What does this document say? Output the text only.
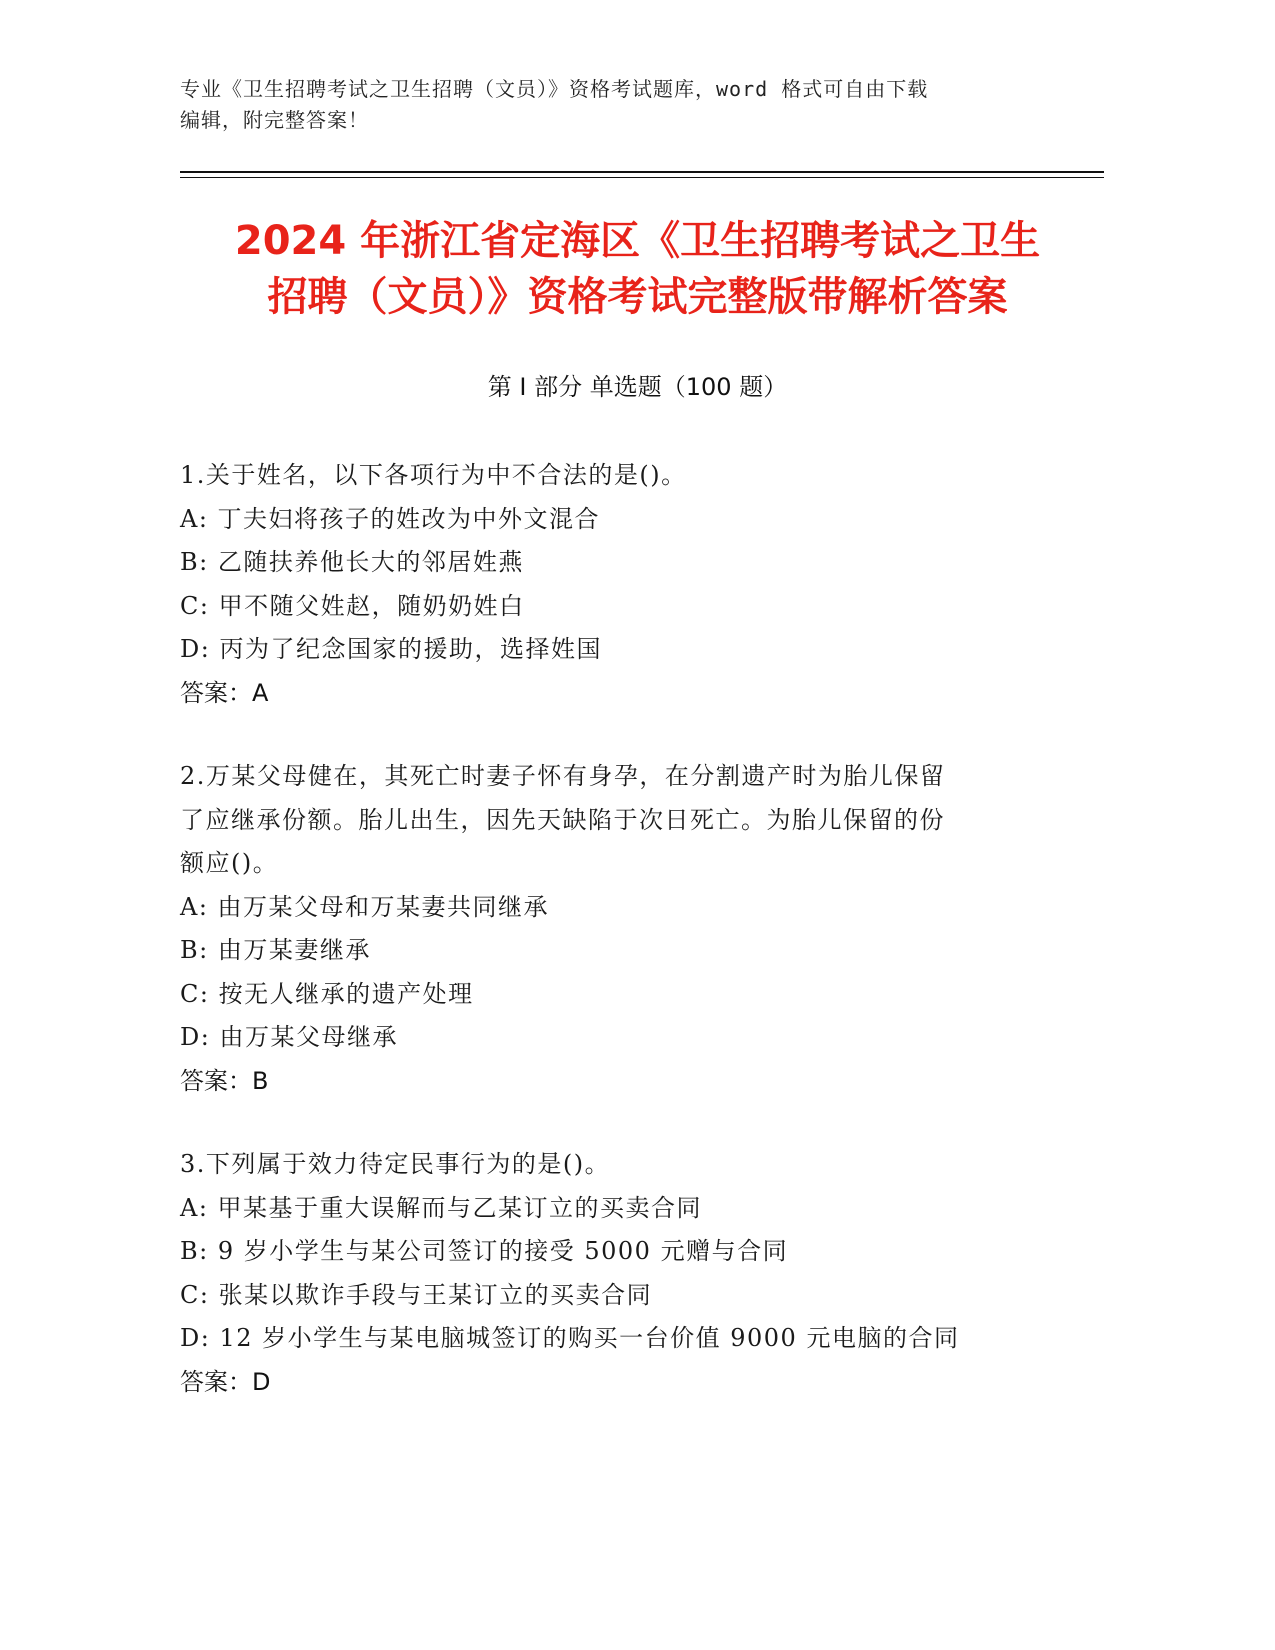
专业《卫生招聘考试之卫生招聘（文员）》资格考试题库，word 格式可自由下载
编辑，附完整答案！
2024 年浙江省定海区《卫生招聘考试之卫生
招聘（文员）》资格考试完整版带解析答案
第 I 部分 单选题（100 题）
1.关于姓名，以下各项行为中不合法的是()。
A: 丁夫妇将孩子的姓改为中外文混合
B: 乙随扶养他长大的邻居姓燕
C: 甲不随父姓赵，随奶奶姓白
D: 丙为了纪念国家的援助，选择姓国
答案：A
2.万某父母健在，其死亡时妻子怀有身孕，在分割遗产时为胎儿保留
了应继承份额。胎儿出生，因先天缺陷于次日死亡。为胎儿保留的份
额应()。
A: 由万某父母和万某妻共同继承
B: 由万某妻继承
C: 按无人继承的遗产处理
D: 由万某父母继承
答案：B
3.下列属于效力待定民事行为的是()。
A: 甲某基于重大误解而与乙某订立的买卖合同
B: 9 岁小学生与某公司签订的接受 5000 元赠与合同
C: 张某以欺诈手段与王某订立的买卖合同
D: 12 岁小学生与某电脑城签订的购买一台价值 9000 元电脑的合同
答案：D
